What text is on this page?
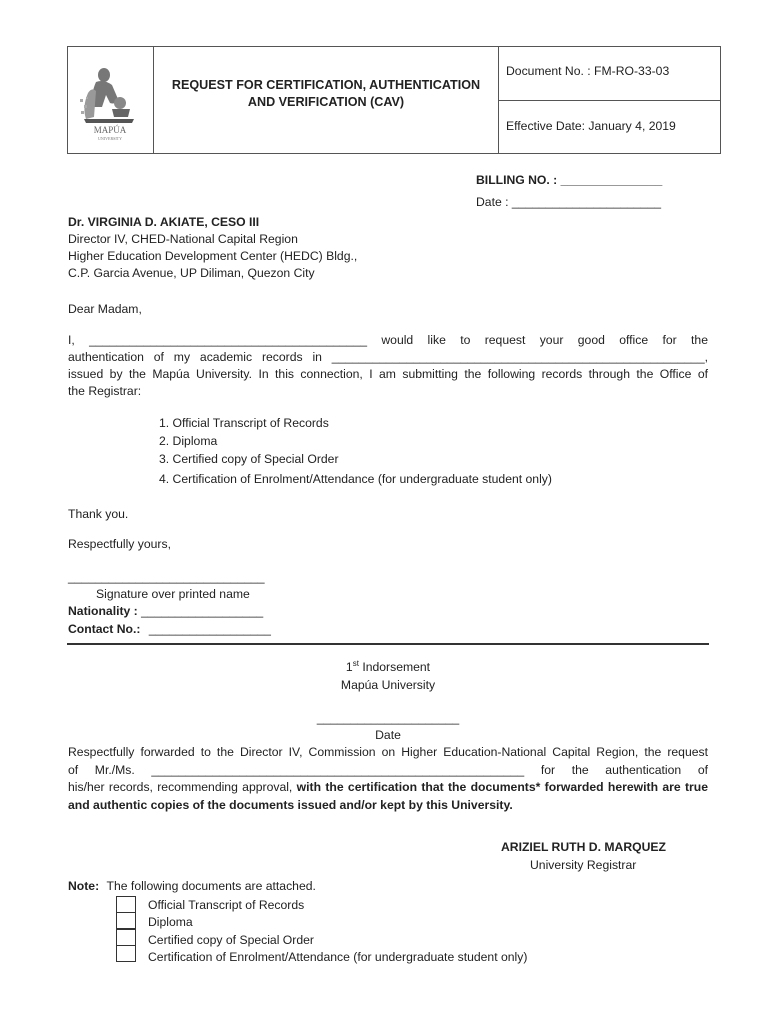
MAPÚA
UNIVERSITY
REQUEST FOR CERTIFICATION, AUTHENTICATION
AND VERIFICATION (CAV)
Document No. : FM-RO-33-03
Effective Date: January 4, 2019
BILLING NO. : _______________
Date : ______________________
Dr. VIRGINIA D. AKIATE, CESO III
Director IV, CHED-National Capital Region
Higher Education Development Center (HEDC) Bldg.,
C.P. Garcia Avenue, UP Diliman, Quezon City
Dear Madam,
I, _________________________________________ would like to request your good office for the
authentication of my academic records in _______________________________________________________,
issued by the Mapúa University. In this connection, I am submitting the following records through the Office of
the Registrar:
1. Official Transcript of Records
2. Diploma
3. Certified copy of Special Order
4. Certification of Enrolment/Attendance (for undergraduate student only)
Thank you.
Respectfully yours,
_____________________________
Signature over printed name
Nationality : __________________
Contact No.: __________________
1st Indorsement
Mapúa University
_____________________
Date
Respectfully forwarded to the Director IV, Commission on Higher Education-National Capital Region, the request
of Mr./Ms. _______________________________________________________ for the authentication of
his/her records, recommending approval, with the certification that the documents* forwarded herewith are true
and authentic copies of the documents issued and/or kept by this University.
ARIZIEL RUTH D. MARQUEZ
University Registrar
Note: The following documents are attached.
Official Transcript of Records
Diploma
Certified copy of Special Order
Certification of Enrolment/Attendance (for undergraduate student only)
